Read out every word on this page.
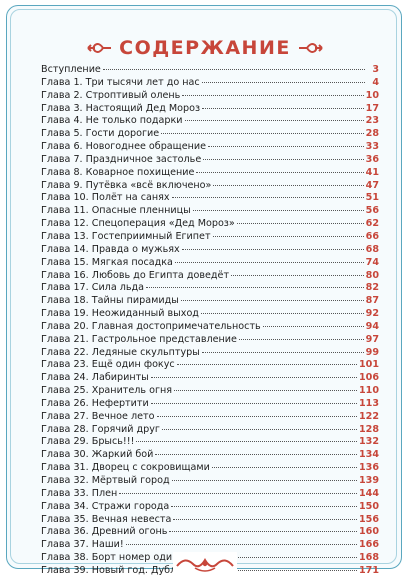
СОДЕРЖАНИЕ
Вступление	3
Глава 1. Три тысячи лет до нас	4
Глава 2. Строптивый олень	10
Глава 3. Настоящий Дед Мороз	17
Глава 4. Не только подарки	23
Глава 5. Гости дорогие	28
Глава 6. Новогоднее обращение	33
Глава 7. Праздничное застолье	36
Глава 8. Коварное похищение	41
Глава 9. Путёвка «всё включено»	47
Глава 10. Полёт на санях	51
Глава 11. Опасные пленницы	56
Глава 12. Спецоперация «Дед Мороз»	62
Глава 13. Гостеприимный Египет	66
Глава 14. Правда о мужьях	68
Глава 15. Мягкая посадка	74
Глава 16. Любовь до Египта доведёт	80
Глава 17. Сила льда	82
Глава 18. Тайны пирамиды	87
Глава 19. Неожиданный выход	92
Глава 20. Главная достопримечательность	94
Глава 21. Гастрольное представление	97
Глава 22. Ледяные скульптуры	99
Глава 23. Ещё один фокус	101
Глава 24. Лабиринты	106
Глава 25. Хранитель огня	110
Глава 26. Нефертити	113
Глава 27. Вечное лето	122
Глава 28. Горячий друг	128
Глава 29. Брысь!!!	132
Глава 30. Жаркий бой	134
Глава 31. Дворец с сокровищами	136
Глава 32. Мёртвый город	139
Глава 33. Плен	144
Глава 34. Стражи города	150
Глава 35. Вечная невеста	156
Глава 36. Древний огонь	160
Глава 37. Наши!	166
Глава 38. Борт номер один	168
Глава 39. Новый год. Дубль 2	171
